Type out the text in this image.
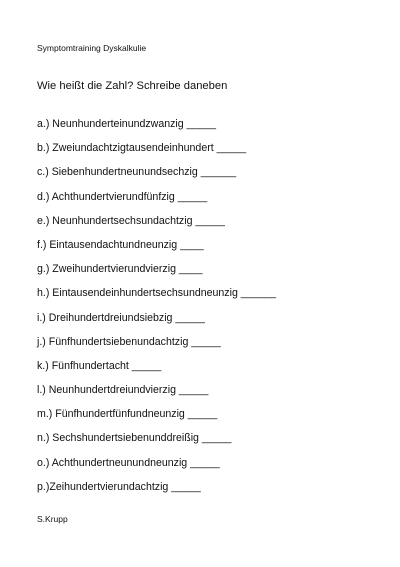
Symptomtraining Dyskalkulie
Wie heißt die Zahl? Schreibe daneben
a.) Neunhunderteinundzwanzig _____
b.) Zweiundachtzigtausendeinhundert _____
c.) Siebenhundertneunundsechzig ______
d.) Achthundertvierundfünfzig _____
e.) Neunhundertsechsundachtzig _____
f.) Eintausendachtundneunzig ____
g.) Zweihundertvierundvierzig ____
h.) Eintausendeinhundertsechsundneunzig ______
i.) Dreihundertdreiundsiebzig _____
j.) Fünfhundertsiebenundachtzig _____
k.) Fünfhundertacht _____
l.) Neunhundertdreiundvierzig _____
m.) Fünfhundertfünfundneunzig _____
n.) Sechshundertsiebenunddreißig _____
o.) Achthundertneunundneunzig _____
p.)Zeihundertvierundachtzig _____
S.Krupp
